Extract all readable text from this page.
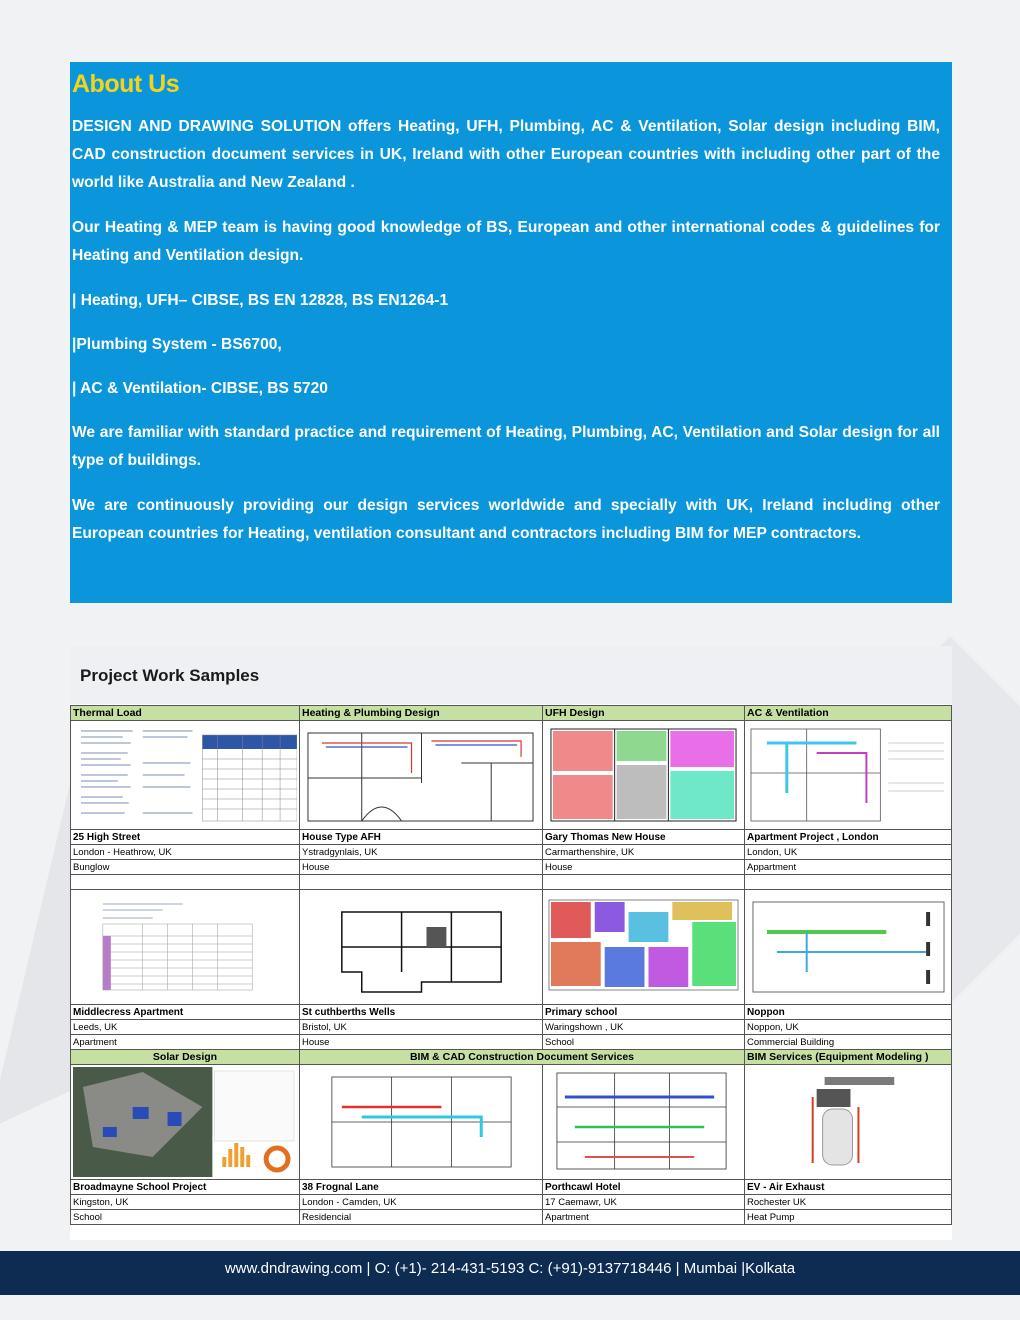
About Us

DESIGN AND DRAWING SOLUTION offers Heating, UFH, Plumbing, AC & Ventilation, Solar design including BIM, CAD construction document services in UK, Ireland with other European countries with including other part of the world like Australia and New Zealand .

Our Heating & MEP team is having good knowledge of BS, European and other international codes & guidelines for Heating and Ventilation design.

| Heating, UFH– CIBSE, BS EN 12828, BS EN1264-1

|Plumbing System - BS6700,

| AC & Ventilation- CIBSE, BS 5720

We are familiar with standard practice and requirement of Heating, Plumbing, AC, Ventilation and Solar design for all type of buildings.

We are continuously providing our design services worldwide and specially with UK, Ireland including other European countries for Heating, ventilation consultant and contractors including BIM for MEP contractors.

Project Work Samples
Thermal Load	Heating & Plumbing Design	UFH Design	AC & Ventilation

25 High Street	House Type AFH	Gary Thomas New House	Apartment Project , London
London - Heathrow, UK	Ystradgynlais, UK	Carmarthenshire, UK	London, UK
Bunglow	House	House	Appartment

Middlecress Apartment	St cuthberths Wells	Primary school	Noppon
Leeds, UK	Bristol, UK	Waringshown , UK	Noppon, UK
Apartment	House	School	Commercial Building
Solar Design	BIM & CAD Construction Document Services		BIM Services (Equipment Modeling )

Broadmayne School Project	38 Frognal Lane	Porthcawl Hotel	EV - Air Exhaust
Kingston, UK	London - Camden, UK	17 Caemawr, UK	Rochester UK
School	Residencial	Apartment	Heat Pump
www.dndrawing.com | O: (+1)- 214-431-5193 C: (+91)-9137718446 | Mumbai |Kolkata
